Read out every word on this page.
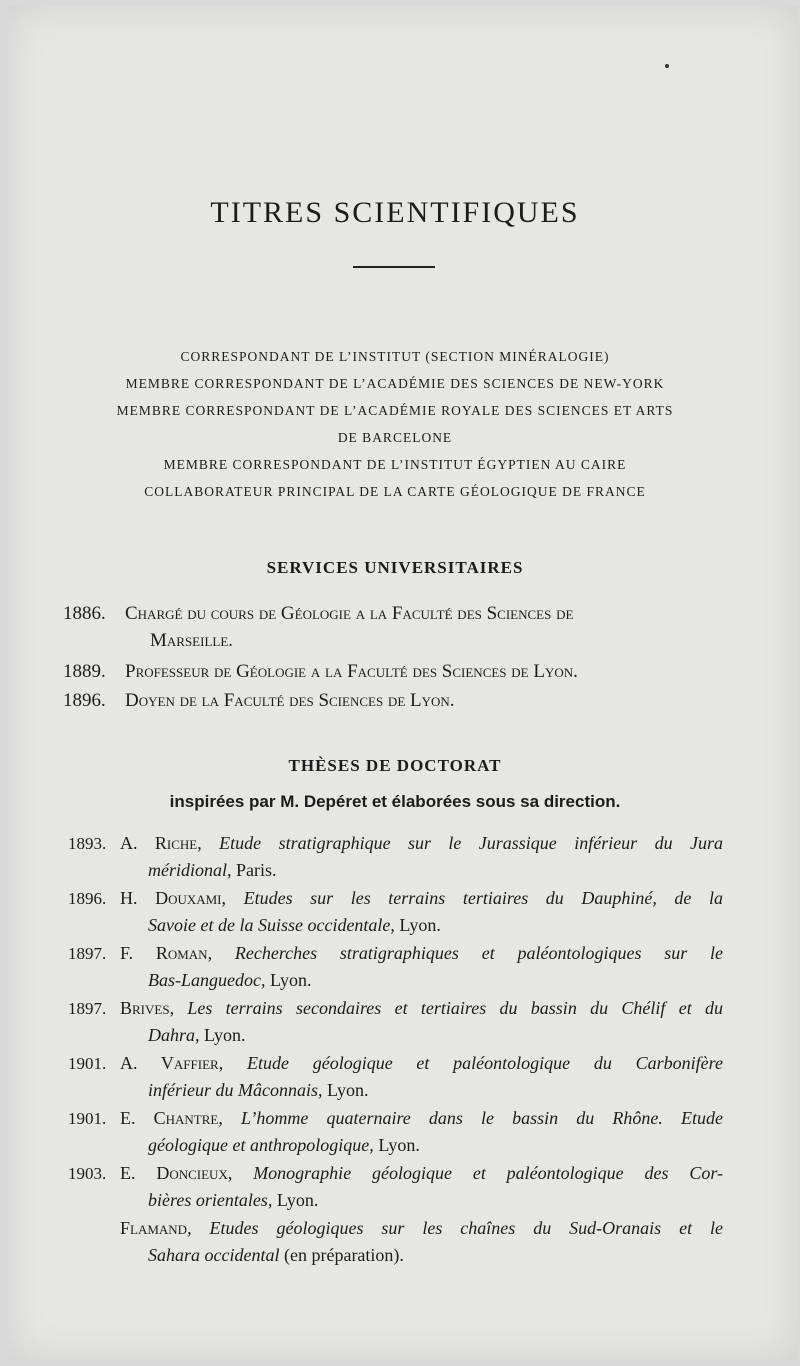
TITRES SCIENTIFIQUES
CORRESPONDANT DE L’INSTITUT (SECTION MINÉRALOGIE)
MEMBRE CORRESPONDANT DE L’ACADÉMIE DES SCIENCES DE NEW-YORK
MEMBRE CORRESPONDANT DE L’ACADÉMIE ROYALE DES SCIENCES ET ARTS
DE BARCELONE
MEMBRE CORRESPONDANT DE L’INSTITUT ÉGYPTIEN AU CAIRE
COLLABORATEUR PRINCIPAL DE LA CARTE GÉOLOGIQUE DE FRANCE
SERVICES UNIVERSITAIRES
1886. Chargé du cours de Géologie a la Faculté des Sciences de
Marseille.
1889. Professeur de Géologie a la Faculté des Sciences de Lyon.
1896. Doyen de la Faculté des Sciences de Lyon.
THÈSES DE DOCTORAT
inspirées par M. Depéret et élaborées sous sa direction.
1893. A. Riche, Etude stratigraphique sur le Jurassique inférieur du Jura
méridional, Paris.
1896. H. Douxami, Etudes sur les terrains tertiaires du Dauphiné, de la
Savoie et de la Suisse occidentale, Lyon.
1897. F. Roman, Recherches stratigraphiques et paléontologiques sur le
Bas-Languedoc, Lyon.
1897. Brives, Les terrains secondaires et tertiaires du bassin du Chélif et du
Dahra, Lyon.
1901. A. Vaffier, Etude géologique et paléontologique du Carbonifère
inférieur du Mâconnais, Lyon.
1901. E. Chantre, L’homme quaternaire dans le bassin du Rhône. Etude
géologique et anthropologique, Lyon.
1903. E. Doncieux, Monographie géologique et paléontologique des Cor-
bières orientales, Lyon.
Flamand, Etudes géologiques sur les chaînes du Sud-Oranais et le
Sahara occidental (en préparation).
